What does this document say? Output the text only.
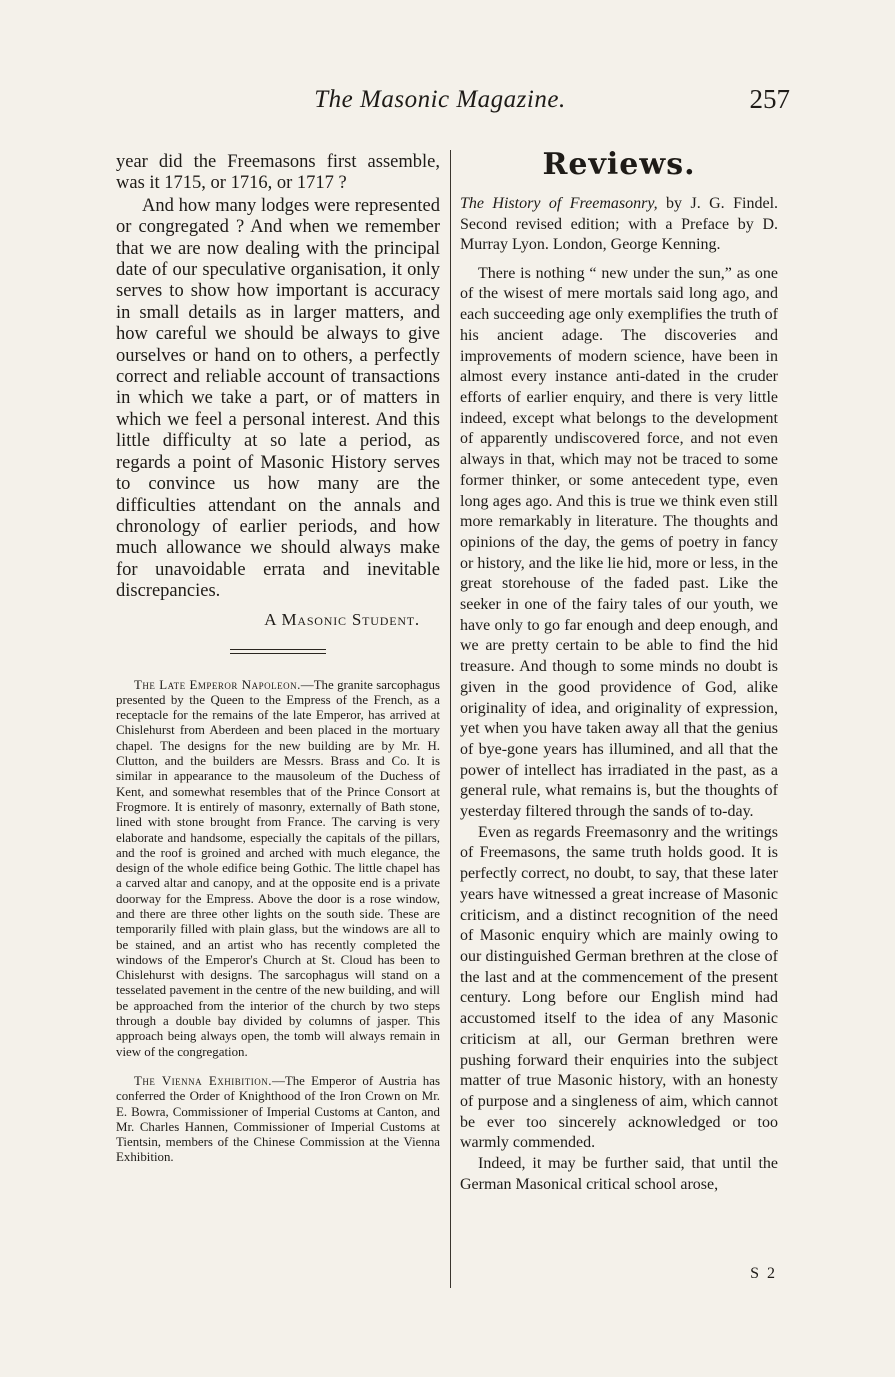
The Masonic Magazine.	257

year did the Freemasons first assemble, was it 1715, or 1716, or 1717 ?

And how many lodges were represented or congregated ? And when we remember that we are now dealing with the principal date of our speculative organisation, it only serves to show how important is accuracy in small details as in larger matters, and how careful we should be always to give ourselves or hand on to others, a perfectly correct and reliable account of transactions in which we take a part, or of matters in which we feel a personal interest. And this little difficulty at so late a period, as regards a point of Masonic History serves to convince us how many are the difficulties attendant on the annals and chronology of earlier periods, and how much allowance we should always make for unavoidable errata and inevitable discrepancies.

A Masonic Student.

The Late Emperor Napoleon.—The granite sarcophagus presented by the Queen to the Empress of the French, as a receptacle for the remains of the late Emperor, has arrived at Chislehurst from Aberdeen and been placed in the mortuary chapel. The designs for the new building are by Mr. H. Clutton, and the builders are Messrs. Brass and Co. It is similar in appearance to the mausoleum of the Duchess of Kent, and somewhat resembles that of the Prince Consort at Frogmore. It is entirely of masonry, externally of Bath stone, lined with stone brought from France. The carving is very elaborate and handsome, especially the capitals of the pillars, and the roof is groined and arched with much elegance, the design of the whole edifice being Gothic. The little chapel has a carved altar and canopy, and at the opposite end is a private doorway for the Empress. Above the door is a rose window, and there are three other lights on the south side. These are temporarily filled with plain glass, but the windows are all to be stained, and an artist who has recently completed the windows of the Emperor's Church at St. Cloud has been to Chislehurst with designs. The sarcophagus will stand on a tesselated pavement in the centre of the new building, and will be approached from the interior of the church by two steps through a double bay divided by columns of jasper. This approach being always open, the tomb will always remain in view of the congregation.

The Vienna Exhibition.—The Emperor of Austria has conferred the Order of Knighthood of the Iron Crown on Mr. E. Bowra, Commissioner of Imperial Customs at Canton, and Mr. Charles Hannen, Commissioner of Imperial Customs at Tientsin, members of the Chinese Commission at the Vienna Exhibition.

Reviews.

The History of Freemasonry, by J. G. Findel. Second revised edition; with a Preface by D. Murray Lyon. London, George Kenning.

There is nothing “ new under the sun,” as one of the wisest of mere mortals said long ago, and each succeeding age only exemplifies the truth of his ancient adage. The discoveries and improvements of modern science, have been in almost every instance anti-dated in the cruder efforts of earlier enquiry, and there is very little indeed, except what belongs to the development of apparently undiscovered force, and not even always in that, which may not be traced to some former thinker, or some antecedent type, even long ages ago. And this is true we think even still more remarkably in literature. The thoughts and opinions of the day, the gems of poetry in fancy or history, and the like lie hid, more or less, in the great storehouse of the faded past. Like the seeker in one of the fairy tales of our youth, we have only to go far enough and deep enough, and we are pretty certain to be able to find the hid treasure. And though to some minds no doubt is given in the good providence of God, alike originality of idea, and originality of expression, yet when you have taken away all that the genius of bye-gone years has illumined, and all that the power of intellect has irradiated in the past, as a general rule, what remains is, but the thoughts of yesterday filtered through the sands of to-day.

Even as regards Freemasonry and the writings of Freemasons, the same truth holds good. It is perfectly correct, no doubt, to say, that these later years have witnessed a great increase of Masonic criticism, and a distinct recognition of the need of Masonic enquiry which are mainly owing to our distinguished German brethren at the close of the last and at the commencement of the present century. Long before our English mind had accustomed itself to the idea of any Masonic criticism at all, our German brethren were pushing forward their enquiries into the subject matter of true Masonic history, with an honesty of purpose and a singleness of aim, which cannot be ever too sincerely acknowledged or too warmly commended.

Indeed, it may be further said, that until the German Masonical critical school arose,

S 2
